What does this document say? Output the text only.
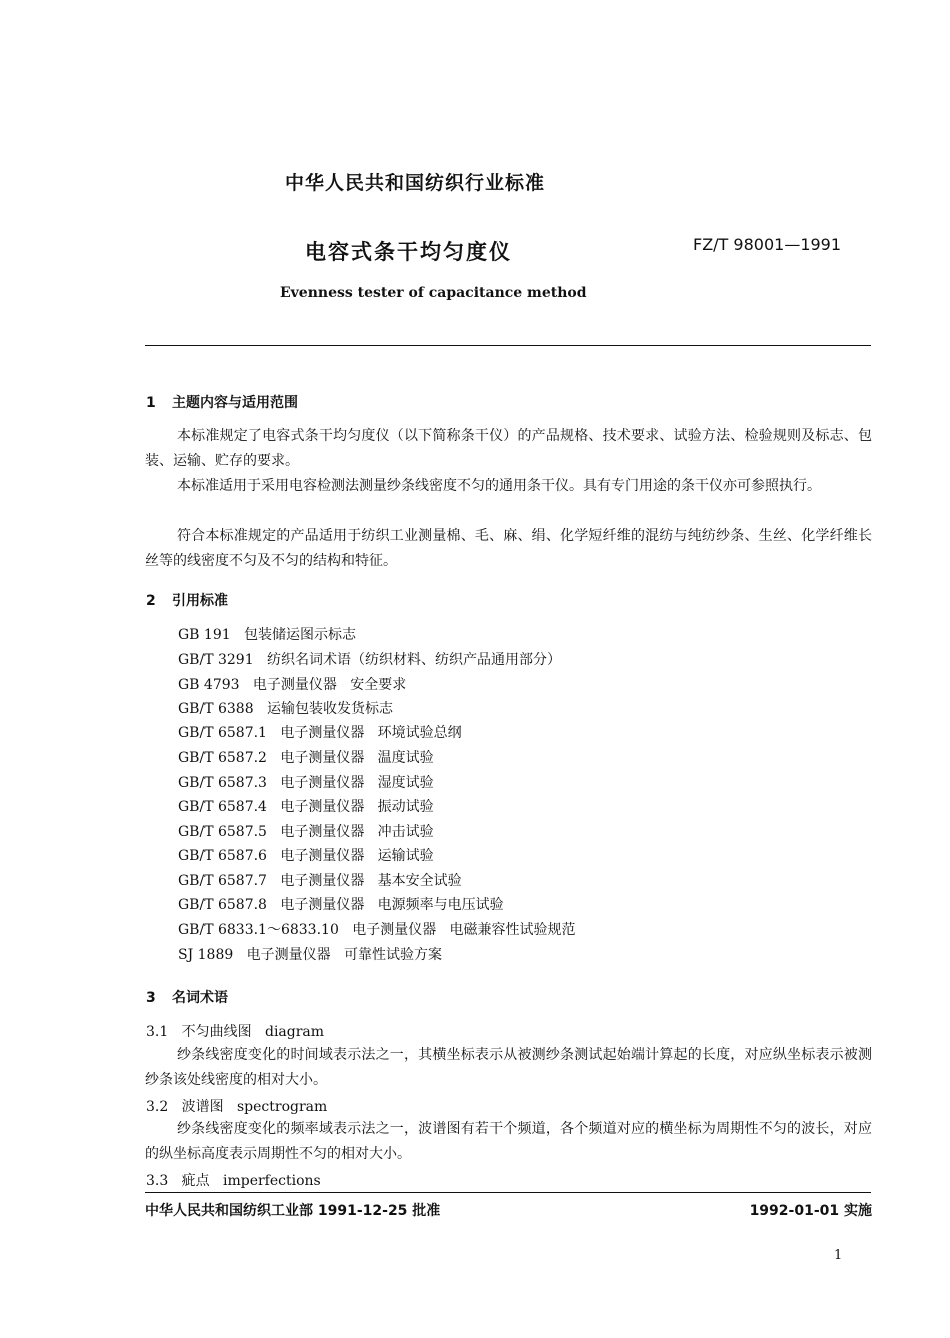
中华人民共和国纺织行业标准
电容式条干均匀度仪	FZ/T 98001—1991
Evenness tester of capacitance method
1 主题内容与适用范围
本标准规定了电容式条干均匀度仪（以下简称条干仪）的产品规格、技术要求、试验方法、检验规则及标志、包装、运输、贮存的要求。
本标准适用于采用电容检测法测量纱条线密度不匀的通用条干仪。具有专门用途的条干仪亦可参照执行。
符合本标准规定的产品适用于纺织工业测量棉、毛、麻、绢、化学短纤维的混纺与纯纺纱条、生丝、化学纤维长丝等的线密度不匀及不匀的结构和特征。
2 引用标准
GB 191   包装储运图示标志
GB/T 3291   纺织名词术语（纺织材料、纺织产品通用部分）
GB 4793   电子测量仪器   安全要求
GB/T 6388   运输包装收发货标志
GB/T 6587.1   电子测量仪器   环境试验总纲
GB/T 6587.2   电子测量仪器   温度试验
GB/T 6587.3   电子测量仪器   湿度试验
GB/T 6587.4   电子测量仪器   振动试验
GB/T 6587.5   电子测量仪器   冲击试验
GB/T 6587.6   电子测量仪器   运输试验
GB/T 6587.7   电子测量仪器   基本安全试验
GB/T 6587.8   电子测量仪器   电源频率与电压试验
GB/T 6833.1～6833.10   电子测量仪器   电磁兼容性试验规范
SJ 1889   电子测量仪器   可靠性试验方案
3 名词术语
3.1 不匀曲线图 diagram
纱条线密度变化的时间域表示法之一，其横坐标表示从被测纱条测试起始端计算起的长度，对应纵坐标表示被测纱条该处线密度的相对大小。
3.2 波谱图 spectrogram
纱条线密度变化的频率域表示法之一，波谱图有若干个频道，各个频道对应的横坐标为周期性不匀的波长，对应的纵坐标高度表示周期性不匀的相对大小。
3.3 疵点 imperfections
中华人民共和国纺织工业部 1991-12-25 批准	1992-01-01 实施
1
